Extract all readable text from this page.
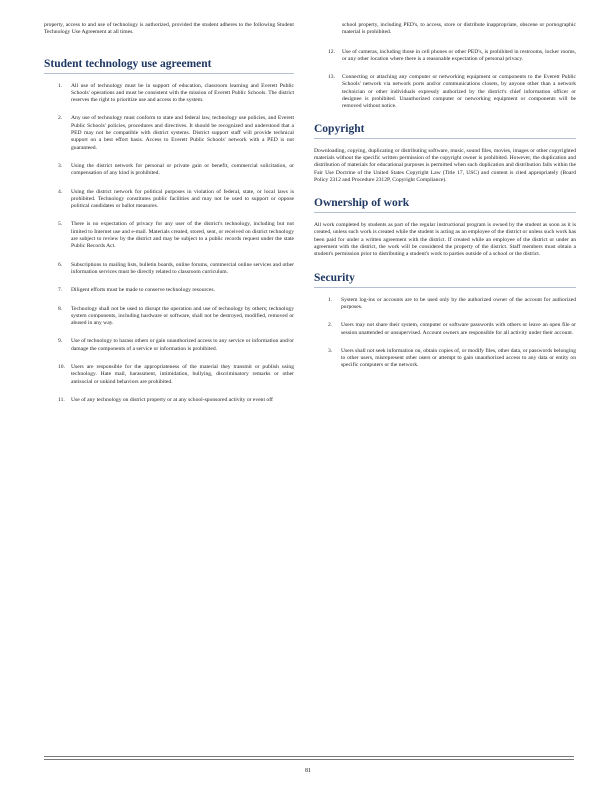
property, access to and use of technology is authorized, provided the student adheres to the following Student Technology Use Agreement at all times.

Student technology use agreement
1.	All use of technology must be in support of education, classroom learning and Everett Public Schools' operations and must be consistent with the mission of Everett Public Schools. The district reserves the right to prioritize use and access to the system.
2.	Any use of technology must conform to state and federal law, technology use policies, and Everett Public Schools' policies, procedures and directives. It should be recognized and understood that a PED may not be compatible with district systems. District support staff will provide technical support on a best effort basis. Access to Everett Public Schools' network with a PED is not guaranteed.
3.	Using the district network for personal or private gain or benefit, commercial solicitation, or compensation of any kind is prohibited.
4.	Using the district network for political purposes in violation of federal, state, or local laws is prohibited. Technology constitutes public facilities and may not be used to support or oppose political candidates or ballot measures.
5.	There is no expectation of privacy for any user of the district's technology, including but not limited to Internet use and e-mail. Materials created, stored, sent, or received on district technology are subject to review by the district and may be subject to a public records request under the state Public Records Act.
6.	Subscriptions to mailing lists, bulletin boards, online forums, commercial online services and other information services must be directly related to classroom curriculum.
7.	Diligent efforts must be made to conserve technology resources.
8.	Technology shall not be used to disrupt the operation and use of technology by others; technology system components, including hardware or software, shall not be destroyed, modified, removed or abused in any way.
9.	Use of technology to harass others or gain unauthorized access to any service or information and/or damage the components of a service or information is prohibited.
10.	Users are responsible for the appropriateness of the material they transmit or publish using technology. Hate mail, harassment, intimidation, bullying, discriminatory remarks or other antisocial or unkind behaviors are prohibited.
11.	Use of any technology on district property or at any school-sponsored activity or event off

school property, including PED's, to access, store or distribute inappropriate, obscene or pornographic material is prohibited.

12.	Use of cameras, including those in cell phones or other PED's, is prohibited in restrooms, locker rooms, or any other location where there is a reasonable expectation of personal privacy.
13.	Connecting or attaching any computer or networking equipment or components to the Everett Public Schools' network via network ports and/or communications closets, by anyone other than a network technician or other individuals expressly authorized by the district's chief information officer or designee is prohibited. Unauthorized computer or networking equipment or components will be removed without notice.
Copyright

Downloading, copying, duplicating or distributing software, music, sound files, movies, images or other copyrighted materials without the specific written permission of the copyright owner is prohibited. However, the duplication and distribution of materials for educational purposes is permitted when such duplication and distribution falls within the Fair Use Doctrine of the United States Copyright Law (Title 17, USC) and content is cited appropriately (Board Policy 2312 and Procedure 2312P, Copyright Compliance).

Ownership of work

All work completed by students as part of the regular instructional program is owned by the student as soon as it is created, unless such work is created while the student is acting as an employee of the district or unless such work has been paid for under a written agreement with the district. If created while an employee of the district or under an agreement with the district, the work will be considered the property of the district. Staff members must obtain a student's permission prior to distributing a student's work to parties outside of a school or the district.

Security
1.	System log-ins or accounts are to be used only by the authorized owner of the account for authorized purposes.
2.	Users may not share their system, computer or software passwords with others or leave an open file or session unattended or unsupervised. Account owners are responsible for all activity under their account.
3.	Users shall not seek information on, obtain copies of, or modify files, other data, or passwords belonging to other users, misrepresent other users or attempt to gain unauthorized access to any data or entity on specific computers or the network.
81
